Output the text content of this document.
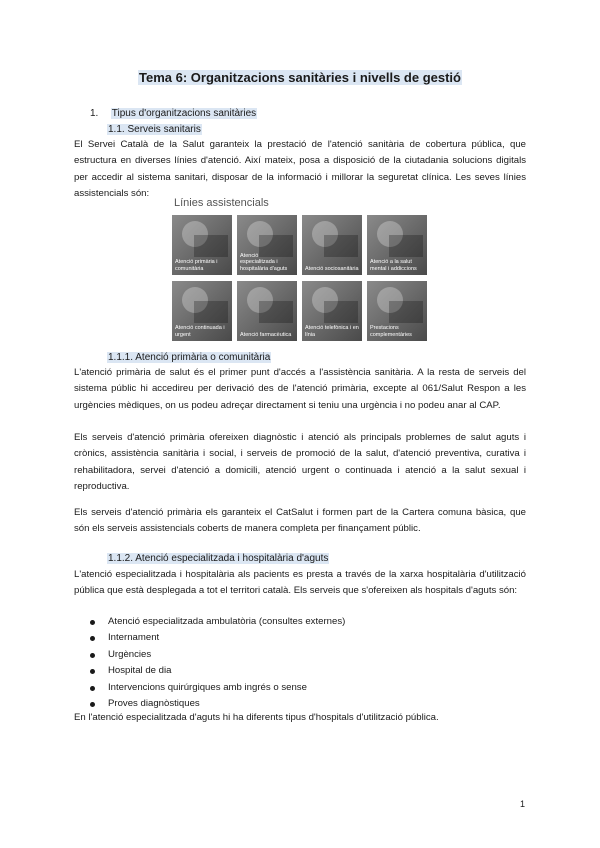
Tema 6: Organitzacions sanitàries i nivells de gestió
1. Tipus d'organitzacions sanitàries
1.1. Serveis sanitaris

El Servei Català de la Salut garanteix la prestació de l'atenció sanitària de cobertura pública, que estructura en diverses línies d'atenció. Així mateix, posa a disposició de la ciutadania solucions digitals per accedir al sistema sanitari, disposar de la informació i millorar la seguretat clínica. Les seves línies assistencials són:

Línies assistencials
Atenció primària i comunitària
Atenció especialitzada i hospitalària d'aguts	Atenció sociosanitària
Atenció a la salut mental i addiccions
Atenció continuada i urgent	Atenció farmacèutica
Atenció telefònica i en línia
Prestacions complementàries
1.1.1. Atenció primària o comunitària

L'atenció primària de salut és el primer punt d'accés a l'assistència sanitària. A la resta de serveis del sistema públic hi accedireu per derivació des de l'atenció primària, excepte al 061/Salut Respon a les urgències mèdiques, on us podeu adreçar directament si teniu una urgència i no podeu anar al CAP.

Els serveis d'atenció primària ofereixen diagnòstic i atenció als principals problemes de salut aguts i crònics, assistència sanitària i social, i serveis de promoció de la salut, d'atenció preventiva, curativa i rehabilitadora, servei d'atenció a domicili, atenció urgent o continuada i atenció a la salut sexual i reproductiva.

Els serveis d'atenció primària els garanteix el CatSalut i formen part de la Cartera comuna bàsica, que són els serveis assistencials coberts de manera completa per finançament públic.

1.1.2. Atenció especialitzada i hospitalària d'aguts

L'atenció especialitzada i hospitalària als pacients es presta a través de la xarxa hospitalària d'utilització pública que està desplegada a tot el territori català. Els serveis que s'ofereixen als hospitals d'aguts són:

Atenció especialitzada ambulatòria (consultes externes)
Internament
Urgències
Hospital de dia
Intervencions quirúrgiques amb ingrés o sense
Proves diagnòstiques

En l'atenció especialitzada d'aguts hi ha diferents tipus d'hospitals d'utilització pública.

1
